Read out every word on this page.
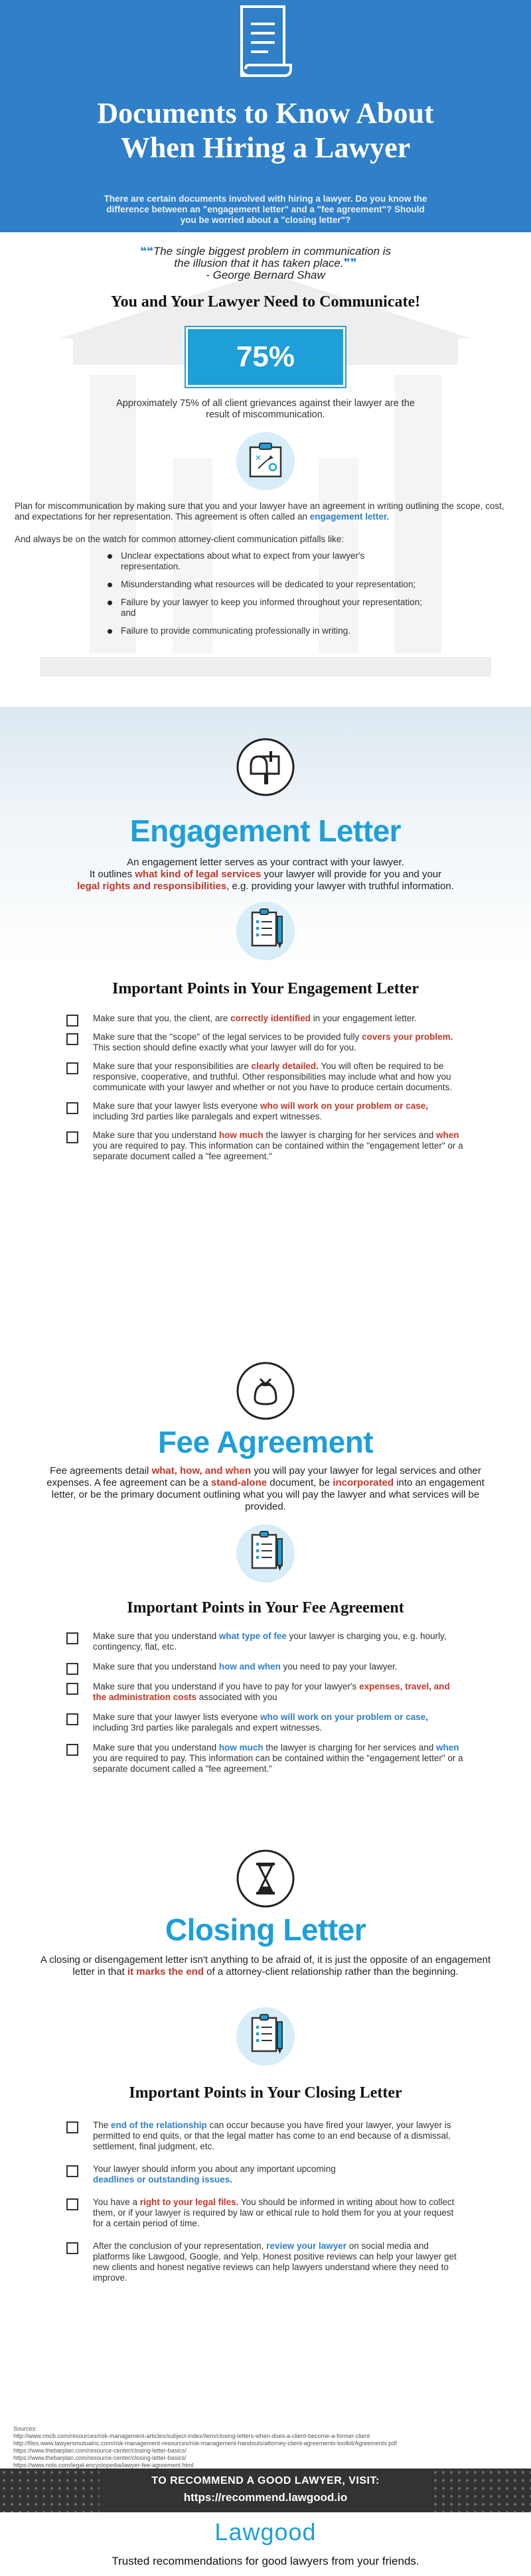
Documents to Know About
When Hiring a Lawyer

There are certain documents involved with hiring a lawyer. Do you know the difference between an "engagement letter" and a "fee agreement"? Should you be worried about a "closing letter"?

❝❝The single biggest problem in communication is the illusion that it has taken place.❞❞
- George Bernard Shaw

You and Your Lawyer Need to Communicate!
75%

Approximately 75% of all client grievances against their lawyer are the result of miscommunication.

✕

Plan for miscommunication by making sure that you and your lawyer have an agreement in writing outlining the scope, cost, and expectations for her representation. This agreement is often called an engagement letter.

And always be on the watch for common attorney-client communication pitfalls like:

Unclear expectations about what to expect from your lawyer's representation.
Misunderstanding what resources will be dedicated to your representation;
Failure by your lawyer to keep you informed throughout your representation; and
Failure to provide communicating professionally in writing.
Engagement Letter

An engagement letter serves as your contract with your lawyer.
It outlines what kind of legal services your lawyer will provide for you and your
legal rights and responsibilities, e.g. providing your lawyer with truthful information.

Important Points in Your Engagement Letter
Make sure that you, the client, are correctly identified in your engagement letter.
Make sure that the "scope" of the legal services to be provided fully covers your problem. This section should define exactly what your lawyer will do for you.
Make sure that your responsibilities are clearly detailed. You will often be required to be responsive, cooperative, and truthful. Other responsibilities may include what and how you communicate with your lawyer and whether or not you have to produce certain documents.
Make sure that your lawyer lists everyone who will work on your problem or case, including 3rd parties like paralegals and expert witnesses.
Make sure that you understand how much the lawyer is charging for her services and when you are required to pay. This information can be contained within the "engagement letter" or a separate document called a "fee agreement."
Fee Agreement

Fee agreements detail what, how, and when you will pay your lawyer for legal services and other expenses. A fee agreement can be a stand-alone document, be incorporated into an engagement letter, or be the primary document outlining what you will pay the lawyer and what services will be provided.

Important Points in Your Fee Agreement
Make sure that you understand what type of fee your lawyer is charging you, e.g. hourly, contingency, flat, etc.
Make sure that you understand how and when you need to pay your lawyer.
Make sure that you understand if you have to pay for your lawyer's expenses, travel, and the administration costs associated with you
Make sure that your lawyer lists everyone who will work on your problem or case, including 3rd parties like paralegals and expert witnesses.
Make sure that you understand how much the lawyer is charging for her services and when you are required to pay. This information can be contained within the "engagement letter" or a separate document called a "fee agreement."
Closing Letter

A closing or disengagement letter isn't anything to be afraid of, it is just the opposite of an engagement letter in that it marks the end of a attorney-client relationship rather than the beginning.

Important Points in Your Closing Letter
The end of the relationship can occur because you have fired your lawyer, your lawyer is permitted to end quits, or that the legal matter has come to an end because of a dismissal, settlement, final judgment, etc.
Your lawyer should inform you about any important upcoming
deadlines or outstanding issues.
You have a right to your legal files. You should be informed in writing about how to collect them, or if your lawyer is required by law or ethical rule to hold them for you at your request for a certain period of time.
After the conclusion of your representation, review your lawyer on social media and platforms like Lawgood, Google, and Yelp. Honest positive reviews can help your lawyer get new clients and honest negative reviews can help lawyers understand where they need to improve.
Sources:
http://www.rmcb.com/resources/risk-management-articles/subject-index/item/closing-letters-when-does-a-client-become-a-former-client
http://files.www.lawyersmutualnc.com/risk-management-resources/risk-management-handouts/attorney-client-agreements-toolkit/Agreements.pdf
https://www.thebarplan.com/resource-center/closing-letter-basics/
https://www.thebarplan.com/resource-center/closing-letter-basics/
https://www.nolo.com/legal-encyclopedia/lawyer-fee-agreement.html
TO RECOMMEND A GOOD LAWYER, VISIT:
https://recommend.lawgood.io
Lawgood
Trusted recommendations for good lawyers from your friends.
